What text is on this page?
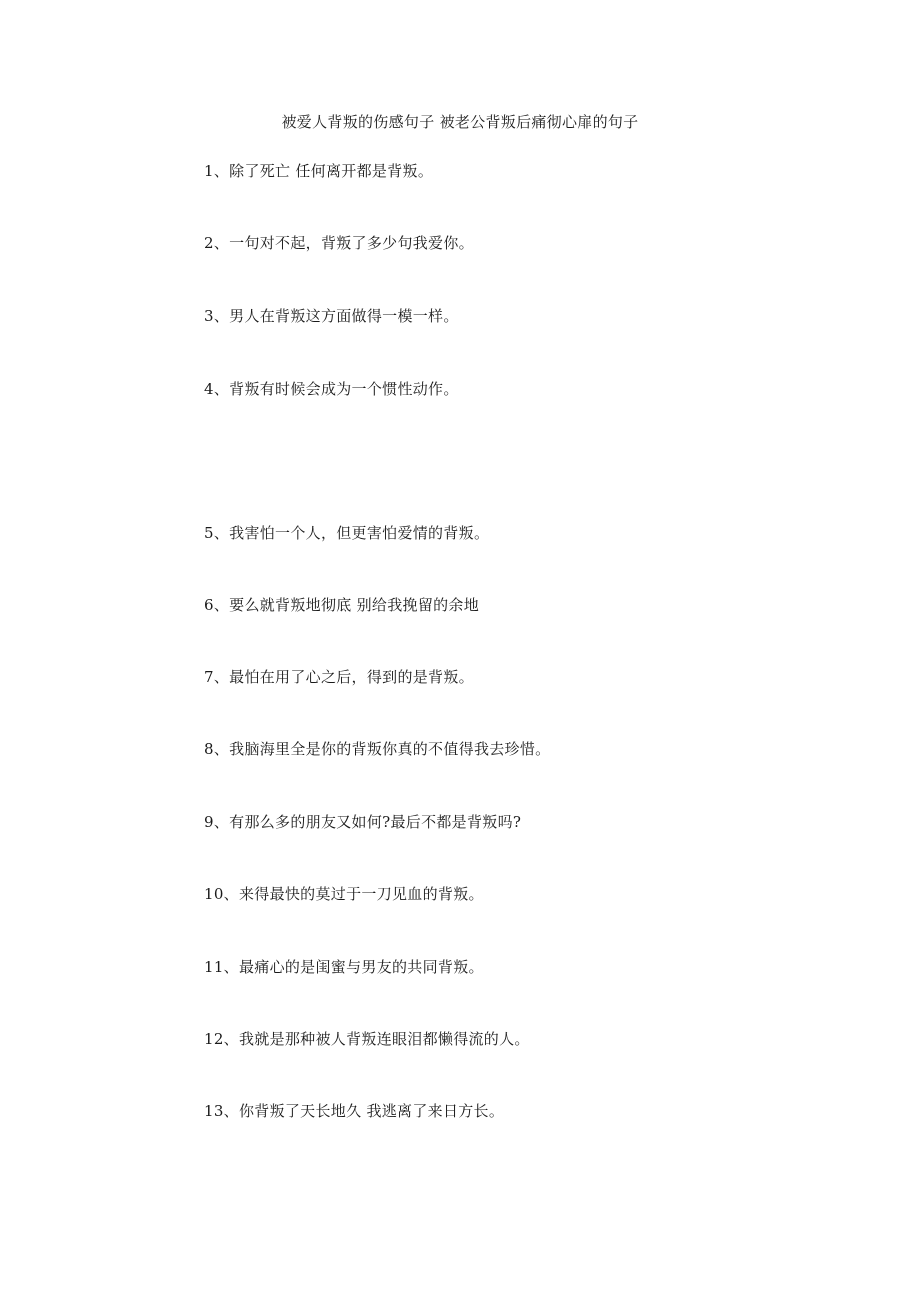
被爱人背叛的伤感句子 被老公背叛后痛彻心扉的句子
1、除了死亡 任何离开都是背叛。
2、一句对不起，背叛了多少句我爱你。
3、男人在背叛这方面做得一模一样。
4、背叛有时候会成为一个惯性动作。
5、我害怕一个人，但更害怕爱情的背叛。
6、要么就背叛地彻底 别给我挽留的余地
7、最怕在用了心之后，得到的是背叛。
8、我脑海里全是你的背叛你真的不值得我去珍惜。
9、有那么多的朋友又如何?最后不都是背叛吗?
10、来得最快的莫过于一刀见血的背叛。
11、最痛心的是闺蜜与男友的共同背叛。
12、我就是那种被人背叛连眼泪都懒得流的人。
13、你背叛了天长地久 我逃离了来日方长。
